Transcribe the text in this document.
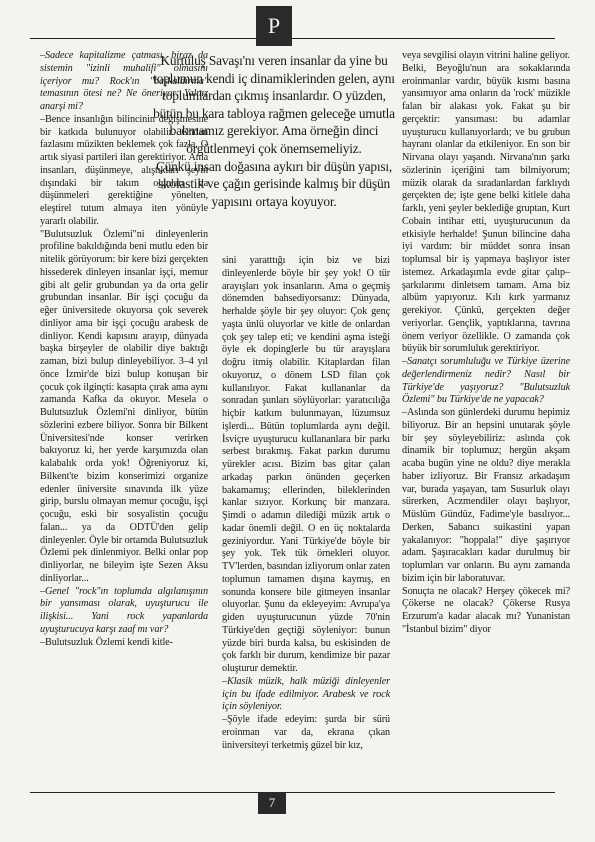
P

–Sadece kapitalizme çatması, biraz da sistemin "izinli muhalifi" olmasını içeriyor mu? Rock'ın "başkaldırma" temasının ötesi ne? Ne öneriyor: Yalnız anarşi mi?

–Bence insanlığın bilincinin değişmesine bir katkıda bulunuyor olabilir. Ondan fazlasını müzikten beklemek çok fazla. O artık siyasi partileri ilan gerektiriyor. Ama insanları, düşünmeye, alıştıkları şeyin dışındaki bir takım olguları da düşünmeleri gerektiğine yönelten, eleştirel tutum almaya iten yönüyle yararlı olabilir.

"Bulutsuzluk Özlemi"ni dinleyenlerin profiline bakıldığında beni mutlu eden bir nitelik görüyorum: bir kere bizi gerçekten hissederek dinleyen insanlar işçi, memur gibi alt gelir grubundan ya da orta gelir grubundan insanlar. Bir işçi çocuğu da eğer üniversitede okuyorsa çok severek dinliyor ama bir işçi çocuğu arabesk de dinliyor. Kendi kapısını arayıp, dünyada başka birşeyler de olabilir diye baktığı zaman, bizi bulup dinleyebiliyor. 3–4 yıl önce İzmir'de bizi bulup konuşan bir çocuk çok ilginçti: kasapta çırak ama aynı zamanda Kafka da okuyor. Mesela o Bulutsuzluk Özlemi'ni dinliyor, bütün sözlerini ezbere biliyor. Sonra bir Bilkent Üniversitesi'nde konser verirken bakıyoruz ki, her yerde karşımızda olan kalabalık orda yok! Öğreniyoruz ki, Bilkent'te bizim konserimizi organize edenler üniversite sınavında ilk yüze girip, burslu olmayan memur çocuğu, işçi çocuğu, eski bir sosyalistin çocuğu falan... ya da ODTÜ'den gelip dinleyenler. Öyle bir ortamda Bulutsuzluk Özlemi pek dinlenmiyor. Belki onlar pop dinliyorlar, ne bileyim işte Sezen Aksu dinliyorlar...

–Genel "rock"ın toplumda algılanışının bir yansıması olarak, uyuşturucu ile ilişkisi... Yani rock yapanlarda uyuşturucuya karşı zaaf mı var?

–Bulutsuzluk Özlemi kendi kitle-

Kurtuluş Savaşı'nı veren insanlar da yine bu toplumun kendi iç dinamiklerinden gelen, aynı toplumlardan çıkmış insanlardır. O yüzden, bütün bu kara tabloya rağmen geleceğe umutla bakmamız gerekiyor. Ama örneğin dinci örgütlenmeyi çok önemsemeliyiz.

Çünkü insan doğasına aykırı bir düşün yapısı, skolastik ve çağın gerisinde kalmış bir düşün yapısını ortaya koyuyor.

sini yaratttığı için biz ve bizi dinleyenlerde böyle bir şey yok! O tür arayışları yok insanların. Ama o geçmiş dönemden bahsediyorsanız: Dünyada, herhalde şöyle bir şey oluyor: Çok genç yaşta ünlü oluyorlar ve kitle de onlardan çok şey talep eti; ve kendini aşma isteği öyle ek dopinglerle bu tür arayışlara doğru itmiş olabilir. Kitaplardan filan okuyoruz, o dönem LSD filan çok kullanılıyor. Fakat kullananlar da sonradan şunları söylüyorlar: yaratıcılığa hiçbir katkım bulunmayan, lüzumsuz işlerdi... Bütün toplumlarda aynı değil. İsviçre uyuşturucu kullananlara bir parkı serbest bırakmış. Fakat parkın durumu yürekler acısı. Bizim bas gitar çalan arkadaş parkın önünden geçerken bakamamış; ellerinden, bileklerinden kanlar sızıyor. Korkunç bir manzara. Şimdi o adamın dilediği müzik artık o kadar önemli değil. O en üç noktalarda geziniyordur. Yani Türkiye'de böyle bir şey yok. Tek tük örnekleri oluyor. TV'lerden, basından izliyorum onlar zaten toplumun tamamen dışına kaymış, en sonunda konsere bile gitmeyen insanlar oluyorlar. Şunu da ekleyeyim: Avrupa'ya giden uyuşturucunun yüzde 70'nin Türkiye'den geçtiği söyleniyor: bunun yüzde biri burda kalsa, bu eskisinden de çok farklı bir durum, kendimize bir pazar oluşturur demektir.

–Klasik müzik, halk müziği dinleyenler için bu ifade edilmiyor. Arabesk ve rock için söyleniyor.

–Şöyle ifade edeyim: şurda bir sürü eroinman var da, ekrana çıkan üniversiteyi terketmiş güzel bir kız,

veya sevgilisi olayın vitrini haline geliyor. Belki, Beyoğlu'nun ara sokaklarında eroinmanlar vardır, büyük kısmı basına yansımıyor ama onların da 'rock' müzikle falan bir alakası yok. Fakat şu bir gerçektir: yansıması: bu adamlar uyuşturucu kullanıyorlardı; ve bu grubun hayranı olanlar da etkileniyor. En son bir Nirvana olayı yaşandı. Nirvana'nın şarkı sözlerinin içeriğini tam bilmiyorum; müzik olarak da sıradanlardan farklıydı gerçekten de; işte gene belki kitlele daha farklı, yeni şeyler beklediğe gruptan, Kurt Cobain intihar etti, uyuşturucunun da etkisiyle herhalde! Şunun bilincine daha iyi vardım: bir müddet sonra insan toplumsal bir iş yapmaya başlıyor ister istemez. Arkadaşımla evde gitar çalıp–şarkılarımı dinletsem tamam. Ama biz albüm yapıyoruz. Kılı kırk yarmanız gerekiyor. Çünkü, gerçekten değer veriyorlar. Gençlik, yaptıklarına, tavrına önem veriyor özellikle. O zamanda çok büyük bir sorumluluk gerektiriyor.

–Sanatçı sorumluluğu ve Türkiye üzerine değerlendirmeniz nedir? Nasıl bir Türkiye'de yaşıyoruz? "Bulutsuzluk Özlemi" bu Türkiye'de ne yapacak?

–Aslında son günlerdeki durumu hepimiz biliyoruz. Bir an hepsini unutarak şöyle bir şey söyleyebiliriz: aslında çok dinamik bir toplumuz; hergün akşam acaba bugün yine ne oldu? diye merakla haber izliyoruz. Bir Fransız arkadaşım var, burada yaşayan, tam Susurluk olayı sürerken, Aczmendiler olayı başlıyor, Müslüm Gündüz, Fadime'yle basılıyor... Derken, Sabancı suikastini yapan yakalanıyor: "hoppala!" diye şaşırıyor adam. Şaşıracakları kadar durulmuş bir toplumları var onların. Bu aynı zamanda bizim için bir laboratuvar.

Sonuçta ne olacak? Herşey çökecek mi? Çökerse ne olacak? Çökerse Rusya Erzurum'a kadar alacak mı? Yunanistan "İstanbul bizim" diyor

7
